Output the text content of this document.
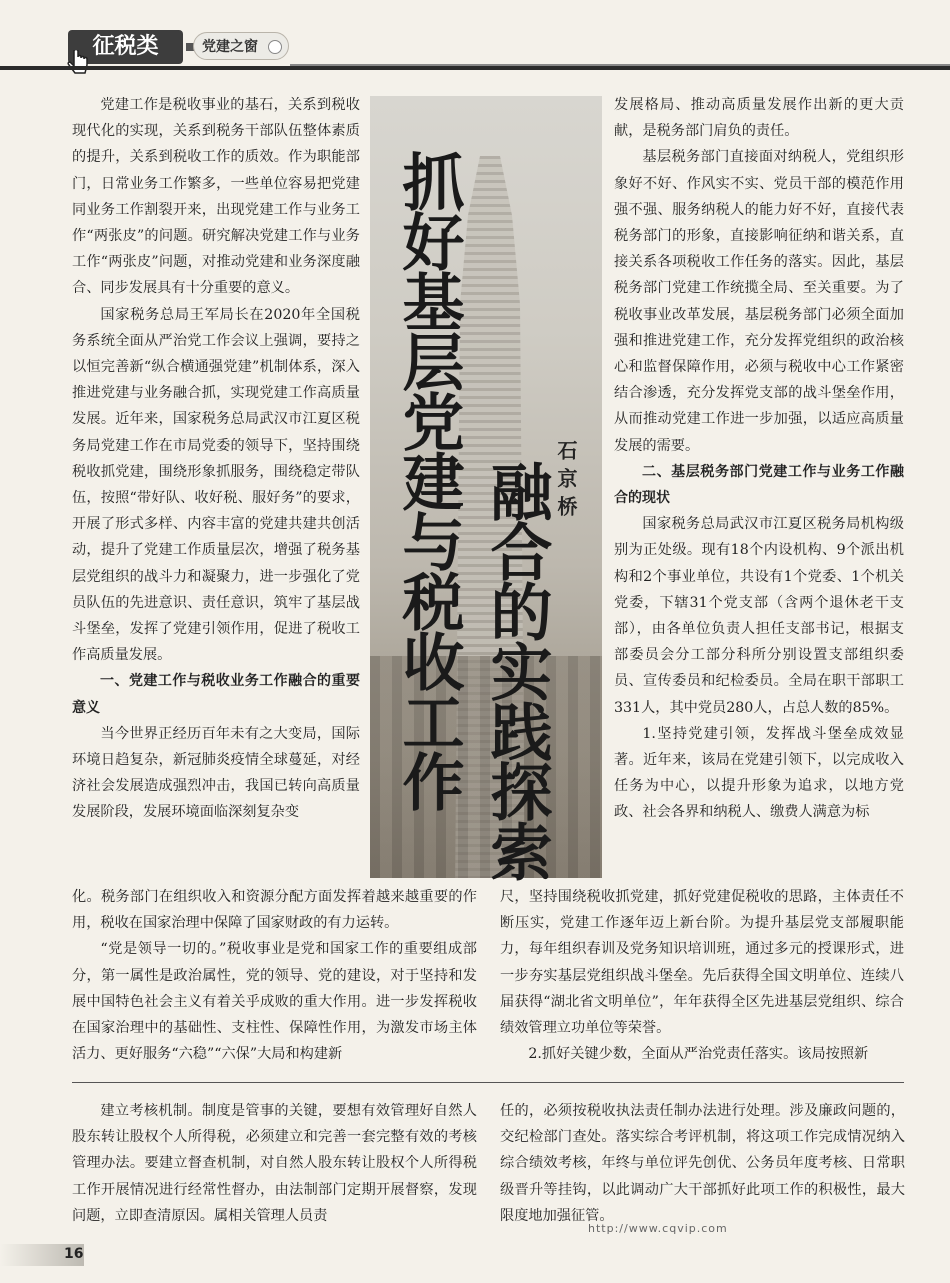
征税类	党建之窗
抓好基层党建与税收工作 融合的实践探索 石京桥

党建工作是税收事业的基石，关系到税收现代化的实现，关系到税务干部队伍整体素质的提升，关系到税收工作的质效。作为职能部门，日常业务工作繁多，一些单位容易把党建同业务工作割裂开来，出现党建工作与业务工作“两张皮”的问题。研究解决党建工作与业务工作“两张皮”问题，对推动党建和业务深度融合、同步发展具有十分重要的意义。

国家税务总局王军局长在2020年全国税务系统全面从严治党工作会议上强调，要持之以恒完善新“纵合横通强党建”机制体系，深入推进党建与业务融合抓，实现党建工作高质量发展。近年来，国家税务总局武汉市江夏区税务局党建工作在市局党委的领导下，坚持围绕税收抓党建，围绕形象抓服务，围绕稳定带队伍，按照“带好队、收好税、服好务”的要求，开展了形式多样、内容丰富的党建共建共创活动，提升了党建工作质量层次，增强了税务基层党组织的战斗力和凝聚力，进一步强化了党员队伍的先进意识、责任意识，筑牢了基层战斗堡垒，发挥了党建引领作用，促进了税收工作高质量发展。

一、党建工作与税收业务工作融合的重要意义

当今世界正经历百年未有之大变局，国际环境日趋复杂，新冠肺炎疫情全球蔓延，对经济社会发展造成强烈冲击，我国已转向高质量发展阶段，发展环境面临深刻复杂变

发展格局、推动高质量发展作出新的更大贡献，是税务部门肩负的责任。

基层税务部门直接面对纳税人，党组织形象好不好、作风实不实、党员干部的模范作用强不强、服务纳税人的能力好不好，直接代表税务部门的形象，直接影响征纳和谐关系，直接关系各项税收工作任务的落实。因此，基层税务部门党建工作统揽全局、至关重要。为了税收事业改革发展，基层税务部门必须全面加强和推进党建工作，充分发挥党组织的政治核心和监督保障作用，必须与税收中心工作紧密结合渗透，充分发挥党支部的战斗堡垒作用，从而推动党建工作进一步加强，以适应高质量发展的需要。

二、基层税务部门党建工作与业务工作融合的现状

国家税务总局武汉市江夏区税务局机构级别为正处级。现有18个内设机构、9个派出机构和2个事业单位，共设有1个党委、1个机关党委，下辖31个党支部（含两个退休老干支部），由各单位负责人担任支部书记，根据支部委员会分工部分科所分别设置支部组织委员、宣传委员和纪检委员。全局在职干部职工331人，其中党员280人，占总人数的85%。

1.坚持党建引领，发挥战斗堡垒成效显著。近年来，该局在党建引领下，以完成收入任务为中心，以提升形象为追求，以地方党政、社会各界和纳税人、缴费人满意为标

化。税务部门在组织收入和资源分配方面发挥着越来越重要的作用，税收在国家治理中保障了国家财政的有力运转。

“党是领导一切的。”税收事业是党和国家工作的重要组成部分，第一属性是政治属性，党的领导、党的建设，对于坚持和发展中国特色社会主义有着关乎成败的重大作用。进一步发挥税收在国家治理中的基础性、支柱性、保障性作用，为激发市场主体活力、更好服务“六稳”“六保”大局和构建新

尺，坚持围绕税收抓党建，抓好党建促税收的思路，主体责任不断压实，党建工作逐年迈上新台阶。为提升基层党支部履职能力，每年组织春训及党务知识培训班，通过多元的授课形式，进一步夯实基层党组织战斗堡垒。先后获得全国文明单位、连续八届获得“湖北省文明单位”，年年获得全区先进基层党组织、综合绩效管理立功单位等荣誉。

2.抓好关键少数，全面从严治党责任落实。该局按照新

建立考核机制。制度是管事的关键，要想有效管理好自然人股东转让股权个人所得税，必须建立和完善一套完整有效的考核管理办法。要建立督查机制，对自然人股东转让股权个人所得税工作开展情况进行经常性督办，由法制部门定期开展督察，发现问题，立即查清原因。属相关管理人员责

任的，必须按税收执法责任制办法进行处理。涉及廉政问题的，交纪检部门查处。落实综合考评机制，将这项工作完成情况纳入综合绩效考核，年终与单位评先创优、公务员年度考核、日常职级晋升等挂钩，以此调动广大干部抓好此项工作的积极性，最大限度地加强征管。

http://www.cqvip.com
16
